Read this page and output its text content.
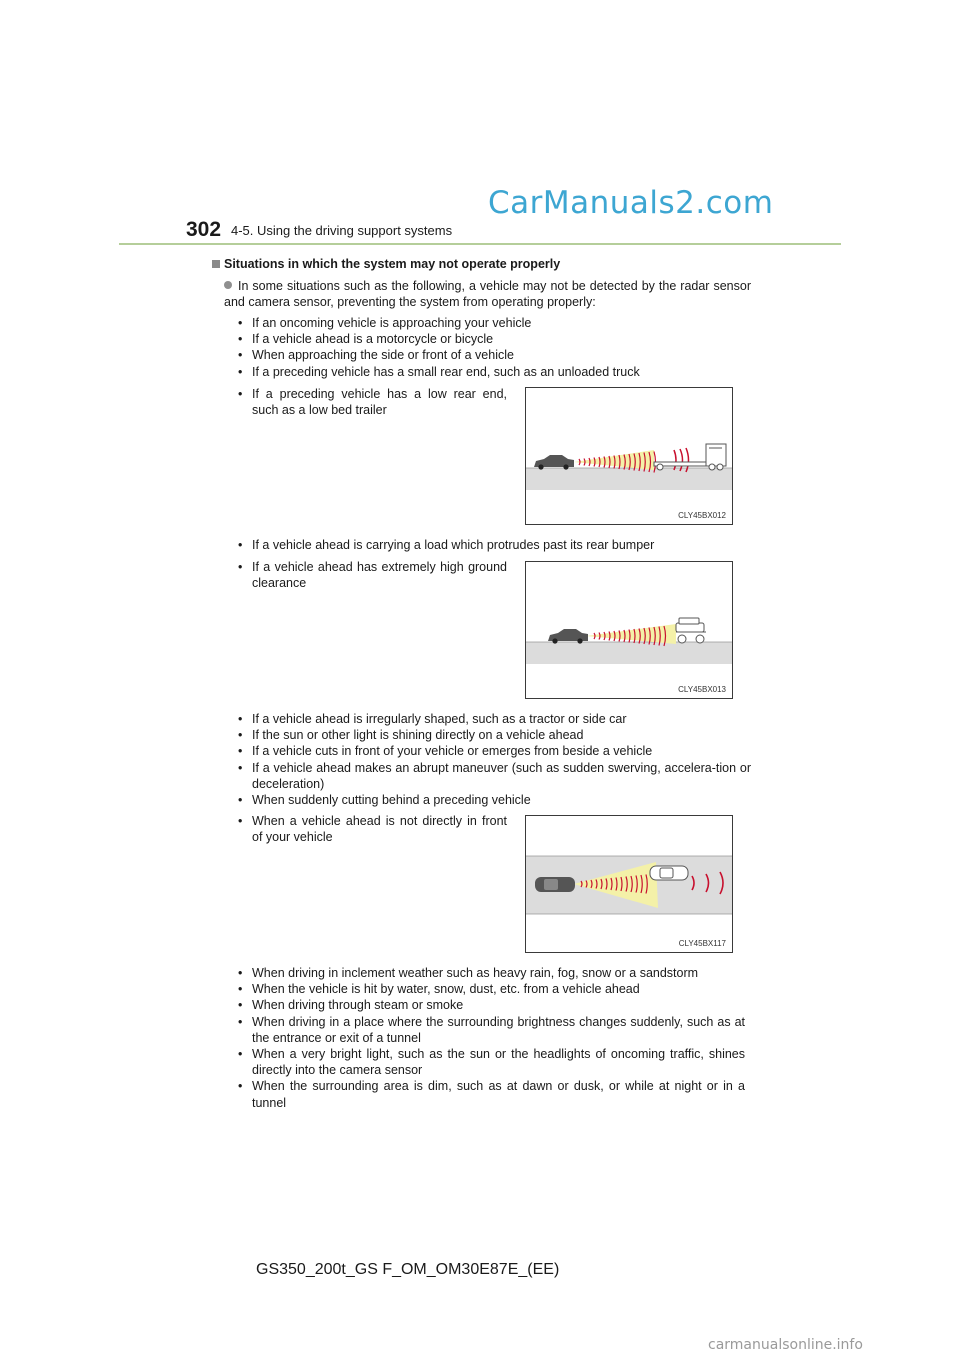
CarManuals2.com
302 4-5. Using the driving support systems
Situations in which the system may not operate properly
In some situations such as the following, a vehicle may not be detected by the radar sensor and camera sensor, preventing the system from operating properly:
• If an oncoming vehicle is approaching your vehicle
• If a vehicle ahead is a motorcycle or bicycle
• When approaching the side or front of a vehicle
• If a preceding vehicle has a small rear end, such as an unloaded truck
• If a preceding vehicle has a low rear end, such as a low bed trailer
CLY45BX012
• If a vehicle ahead is carrying a load which protrudes past its rear bumper
• If a vehicle ahead has extremely high ground clearance
CLY45BX013
• If a vehicle ahead is irregularly shaped, such as a tractor or side car
• If the sun or other light is shining directly on a vehicle ahead
• If a vehicle cuts in front of your vehicle or emerges from beside a vehicle
• If a vehicle ahead makes an abrupt maneuver (such as sudden swerving, accelera-tion or deceleration)
• When suddenly cutting behind a preceding vehicle
• When a vehicle ahead is not directly in front of your vehicle
CLY45BX117
• When driving in inclement weather such as heavy rain, fog, snow or a sandstorm
• When the vehicle is hit by water, snow, dust, etc. from a vehicle ahead
• When driving through steam or smoke
• When driving in a place where the surrounding brightness changes suddenly, such as at the entrance or exit of a tunnel
• When a very bright light, such as the sun or the headlights of oncoming traffic, shines directly into the camera sensor
• When the surrounding area is dim, such as at dawn or dusk, or while at night or in a tunnel
GS350_200t_GS F_OM_OM30E87E_(EE)
carmanualsonline.info
